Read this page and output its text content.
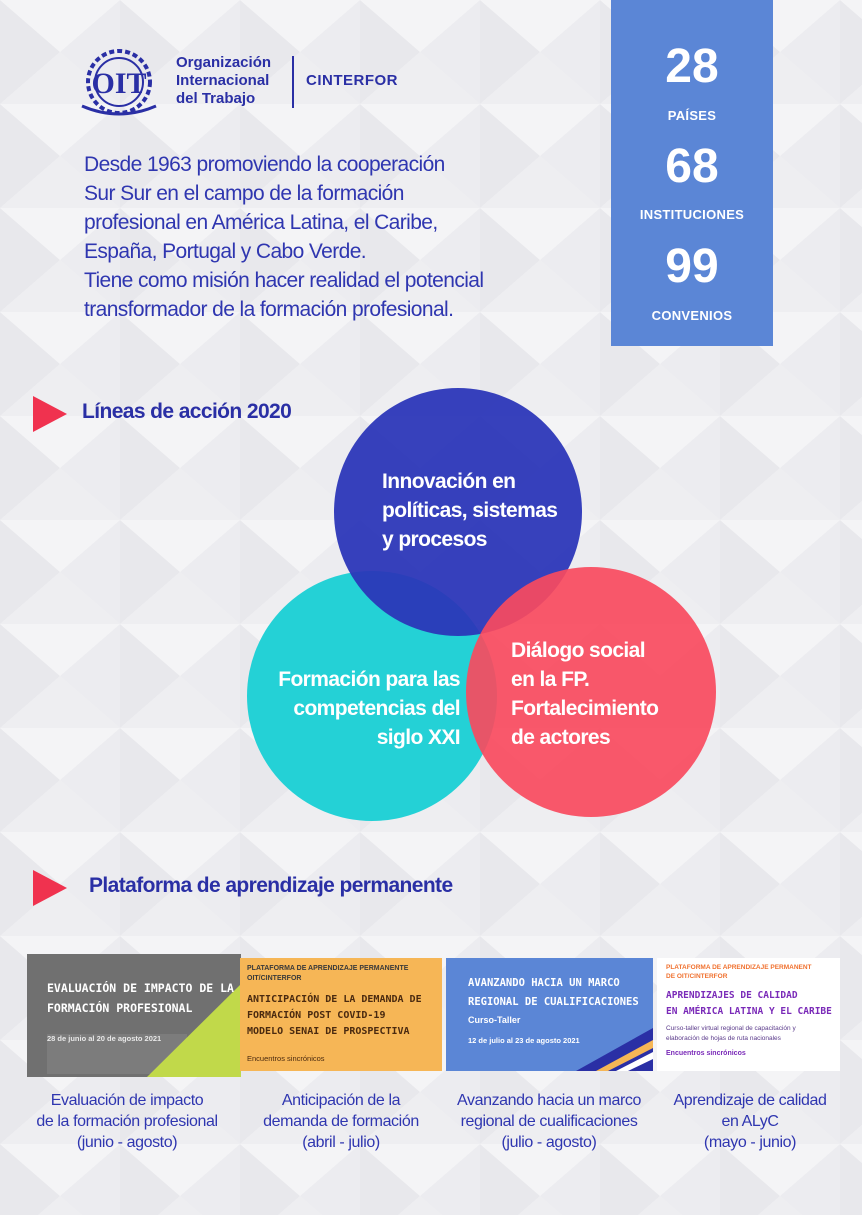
OIT
Organización
Internacional
del Trabajo
CINTERFOR

Desde 1963 promoviendo la cooperación

Sur Sur en el campo de la formación

profesional en América Latina, el Caribe,

España, Portugal y Cabo Verde.

Tiene como misión hacer realidad el potencial

transformador de la formación profesional.

28
PAÍSES
68
INSTITUCIONES
99
CONVENIOS
Líneas de acción 2020
Innovación en
políticas, sistemas
y procesos
Formación para las
competencias del
siglo XXI
Diálogo social
en la FP.
Fortalecimiento
de actores
Plataforma de aprendizaje permanente
EVALUACIÓN DE IMPACTO DE LA
FORMACIÓN PROFESIONAL
28 de junio al 20 de agosto 2021
PLATAFORMA DE APRENDIZAJE PERMANENTE
OIT/CINTERFOR
ANTICIPACIÓN DE LA DEMANDA DE
FORMACIÓN POST COVID-19
MODELO SENAI DE PROSPECTIVA
Encuentros sincrónicos
AVANZANDO HACIA UN MARCO
REGIONAL DE CUALIFICACIONES
Curso-Taller
12 de julio al 23 de agosto 2021
PLATAFORMA DE APRENDIZAJE PERMANENT
DE OIT/CINTERFOR
APRENDIZAJES DE CALIDAD
EN AMÉRICA LATINA Y EL CARIBE
Curso-taller virtual regional de capacitación y
elaboración de hojas de ruta nacionales
Encuentros sincrónicos
Evaluación de impacto
de la formación profesional
(junio - agosto)
Anticipación de la
demanda de formación
(abril - julio)
Avanzando hacia un marco
regional de cualificaciones
(julio - agosto)
Aprendizaje de calidad
en ALyC
(mayo - junio)
